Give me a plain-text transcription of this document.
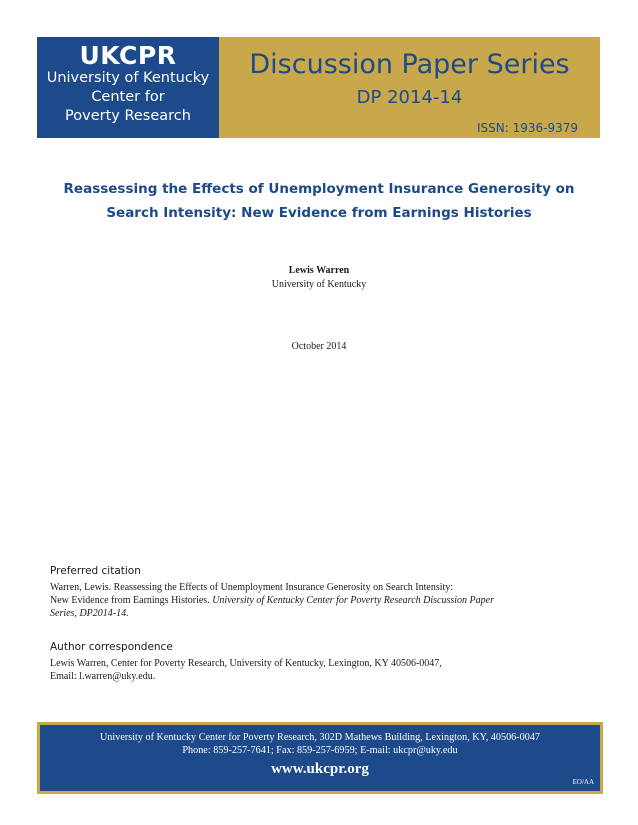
UKCPR
University of Kentucky
Center for
Poverty Research
Discussion Paper Series
DP 2014-14
ISSN: 1936-9379
Reassessing the Effects of Unemployment Insurance Generosity on
Search Intensity: New Evidence from Earnings Histories
Lewis Warren
University of Kentucky
October 2014
Preferred citation
Warren, Lewis. Reassessing the Effects of Unemployment Insurance Generosity on Search Intensity:
New Evidence from Earnings Histories. University of Kentucky Center for Poverty Research Discussion Paper
Series, DP2014-14.
Author correspondence
Lewis Warren, Center for Poverty Research, University of Kentucky, Lexington, KY 40506-0047,
Email: l.warren@uky.edu.
University of Kentucky Center for Poverty Research, 302D Mathews Building, Lexington, KY, 40506-0047
Phone: 859-257-7641; Fax: 859-257-6959; E-mail: ukcpr@uky.edu
www.ukcpr.org
EO/AA
